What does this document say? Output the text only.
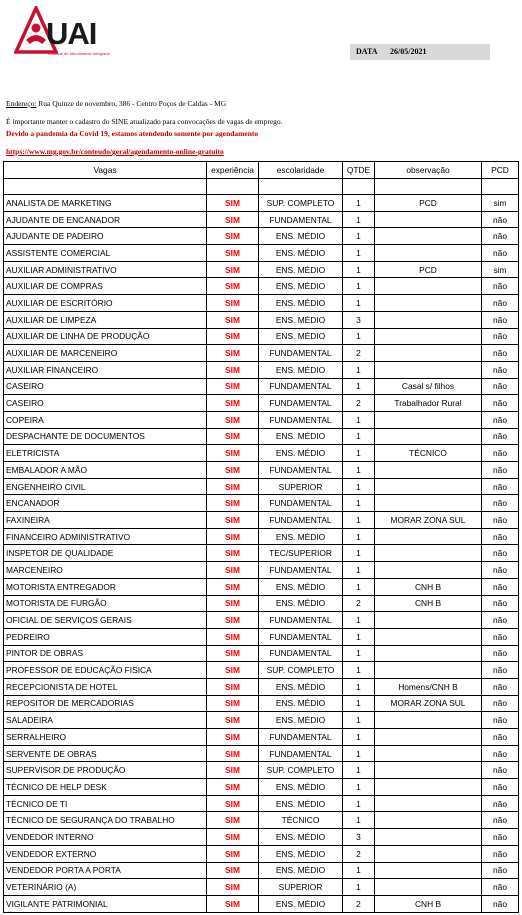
UAI
Unidade de Atendimento Integrado	DATA 26/05/2021
Endereço: Rua Quinze de novembro, 386 - Centro Poços de Caldas - MG
É importante manter o cadastro do SINE atualizado para convocações de vagas de emprego.
Devido a pandemia da Covid 19, estamos atendendo somente por agendamento
https://www.mg.gov.br/conteudo/geral/agendamento-online-gratuito
Vagas	experiência	escolaridade	QTDE	observação	PCD

ANALISTA DE MARKETING	SIM	SUP. COMPLETO	1	PCD	sim
AJUDANTE DE ENCANADOR	SIM	FUNDAMENTAL	1		não
AJUDANTE DE PADEIRO	SIM	ENS. MÉDIO	1		não
ASSISTENTE COMERCIAL	SIM	ENS. MÉDIO	1		não
AUXILIAR ADMINISTRATIVO	SIM	ENS. MÉDIO	1	PCD	sim
AUXILIAR DE COMPRAS	SIM	ENS. MÉDIO	1		não
AUXILIAR DE ESCRITÓRIO	SIM	ENS. MÉDIO	1		não
AUXILIAR DE LIMPEZA	SIM	ENS. MÉDIO	3		não
AUXILIAR DE LINHA DE PRODUÇÃO	SIM	ENS. MÉDIO	1		não
AUXILIAR DE MARCENEIRO	SIM	FUNDAMENTAL	2		não
AUXILIAR FINANCEIRO	SIM	ENS. MÉDIO	1		não
CASEIRO	SIM	FUNDAMENTAL	1	Casal s/ filhos	não
CASEIRO	SIM	FUNDAMENTAL	2	Trabalhador Rural	não
COPEIRA	SIM	FUNDAMENTAL	1		não
DESPACHANTE DE DOCUMENTOS	SIM	ENS. MÉDIO	1		não
ELETRICISTA	SIM	ENS. MÉDIO	1	TÉCNICO	não
EMBALADOR A MÃO	SIM	FUNDAMENTAL	1		não
ENGENHEIRO CIVIL	SIM	SUPERIOR	1		não
ENCANADOR	SIM	FUNDAMENTAL	1		não
FAXINEIRA	SIM	FUNDAMENTAL	1	MORAR ZONA SUL	não
FINANCEIRO ADMINISTRATIVO	SIM	ENS. MÉDIO	1		não
INSPETOR DE QUALIDADE	SIM	TEC/SUPERIOR	1		não
MARCENEIRO	SIM	FUNDAMENTAL	1		não
MOTORISTA ENTREGADOR	SIM	ENS. MÉDIO	1	CNH B	não
MOTORISTA DE FURGÃO	SIM	ENS. MÉDIO	2	CNH B	não
OFICIAL DE SERVIÇOS GERAIS	SIM	FUNDAMENTAL	1		não
PEDREIRO	SIM	FUNDAMENTAL	1		não
PINTOR DE OBRAS	SIM	FUNDAMENTAL	1		não
PROFESSOR DE EDUCAÇÃO FISICA	SIM	SUP. COMPLETO	1		não
RECEPCIONISTA DE HOTEL	SIM	ENS. MÉDIO	1	Homens/CNH B	não
REPOSITOR DE MERCADORIAS	SIM	ENS. MÉDIO	1	MORAR ZONA SUL	não
SALADEIRA	SIM	ENS. MÉDIO	1		não
SERRALHEIRO	SIM	FUNDAMENTAL	1		não
SERVENTE DE OBRAS	SIM	FUNDAMENTAL	1		não
SUPERVISOR DE PRODUÇÃO	SIM	SUP. COMPLETO	1		não
TÉCNICO DE HELP DESK	SIM	ENS. MÉDIO	1		não
TÉCNICO DE TI	SIM	ENS. MÉDIO	1		não
TÉCNICO DE SEGURANÇA DO TRABALHO	SIM	TÉCNICO	1		não
VENDEDOR INTERNO	SIM	ENS. MÉDIO	3		não
VENDEDOR EXTERNO	SIM	ENS. MÉDIO	2		não
VENDEDOR PORTA A PORTA	SIM	ENS. MÉDIO	1		não
VETERINÁRIO (A)	SIM	SUPERIOR	1		não
VIGILANTE PATRIMONIAL	SIM	ENS. MÉDIO	2	CNH B	não
